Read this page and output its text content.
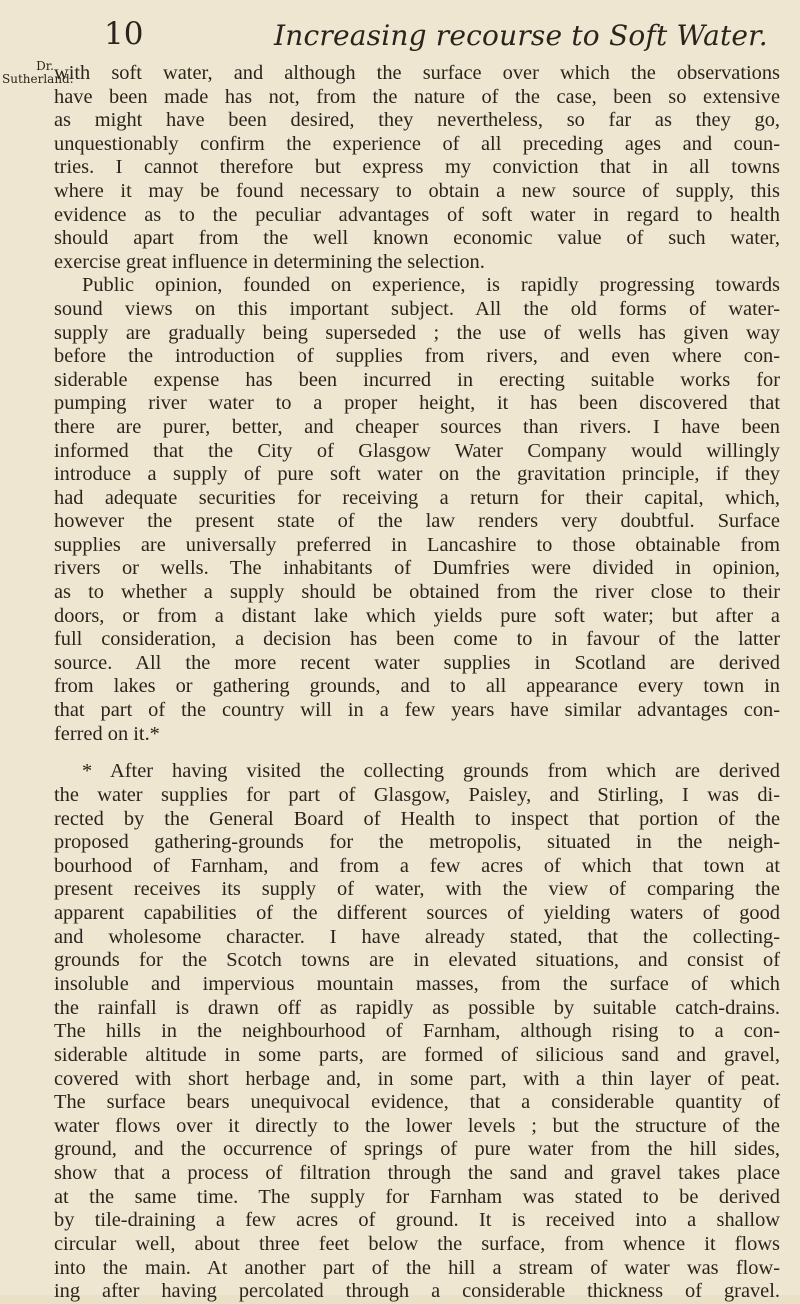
10	Increasing recourse to Soft Water.
Dr.
Sutherland.
with soft water, and although the surface over which the observations
have been made has not, from the nature of the case, been so extensive
as might have been desired, they nevertheless, so far as they go,
unquestionably confirm the experience of all preceding ages and coun-
tries. I cannot therefore but express my conviction that in all towns
where it may be found necessary to obtain a new source of supply, this
evidence as to the peculiar advantages of soft water in regard to health
should apart from the well known economic value of such water,
exercise great influence in determining the selection.
Public opinion, founded on experience, is rapidly progressing towards
sound views on this important subject. All the old forms of water-
supply are gradually being superseded ; the use of wells has given way
before the introduction of supplies from rivers, and even where con-
siderable expense has been incurred in erecting suitable works for
pumping river water to a proper height, it has been discovered that
there are purer, better, and cheaper sources than rivers. I have been
informed that the City of Glasgow Water Company would willingly
introduce a supply of pure soft water on the gravitation principle, if they
had adequate securities for receiving a return for their capital, which,
however the present state of the law renders very doubtful. Surface
supplies are universally preferred in Lancashire to those obtainable from
rivers or wells. The inhabitants of Dumfries were divided in opinion,
as to whether a supply should be obtained from the river close to their
doors, or from a distant lake which yields pure soft water; but after a
full consideration, a decision has been come to in favour of the latter
source. All the more recent water supplies in Scotland are derived
from lakes or gathering grounds, and to all appearance every town in
that part of the country will in a few years have similar advantages con-
ferred on it.*
* After having visited the collecting grounds from which are derived
the water supplies for part of Glasgow, Paisley, and Stirling, I was di-
rected by the General Board of Health to inspect that portion of the
proposed gathering-grounds for the metropolis, situated in the neigh-
bourhood of Farnham, and from a few acres of which that town at
present receives its supply of water, with the view of comparing the
apparent capabilities of the different sources of yielding waters of good
and wholesome character. I have already stated, that the collecting-
grounds for the Scotch towns are in elevated situations, and consist of
insoluble and impervious mountain masses, from the surface of which
the rainfall is drawn off as rapidly as possible by suitable catch-drains.
The hills in the neighbourhood of Farnham, although rising to a con-
siderable altitude in some parts, are formed of silicious sand and gravel,
covered with short herbage and, in some part, with a thin layer of peat.
The surface bears unequivocal evidence, that a considerable quantity of
water flows over it directly to the lower levels ; but the structure of the
ground, and the occurrence of springs of pure water from the hill sides,
show that a process of filtration through the sand and gravel takes place
at the same time. The supply for Farnham was stated to be derived
by tile-draining a few acres of ground. It is received into a shallow
circular well, about three feet below the surface, from whence it flows
into the main. At another part of the hill a stream of water was flow-
ing after having percolated through a considerable thickness of gravel.
